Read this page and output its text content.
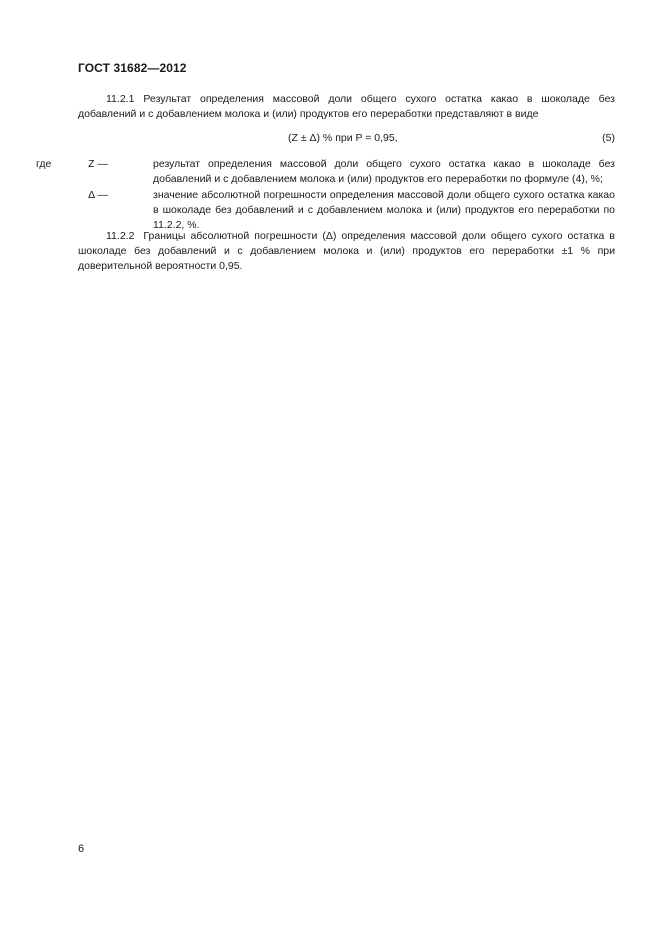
ГОСТ 31682—2012
11.2.1 Результат определения массовой доли общего сухого остатка какао в шоколаде без добавлений и с добавлением молока и (или) продуктов его переработки представляют в виде
(Z ± Δ) % при P = 0,95,	(5)
где	Z —	результат определения массовой доли общего сухого остатка какао в шоколаде без добавлений и с добавлением молока и (или) продуктов его переработки по формуле (4), %;
Δ —	значение абсолютной погрешности определения массовой доли общего сухого остатка какао в шоколаде без добавлений и с добавлением молока и (или) продуктов его переработки по 11.2.2, %.
11.2.2 Границы абсолютной погрешности (Δ) определения массовой доли общего сухого остатка в шоколаде без добавлений и с добавлением молока и (или) продуктов его переработки ±1 % при доверительной вероятности 0,95.
6
